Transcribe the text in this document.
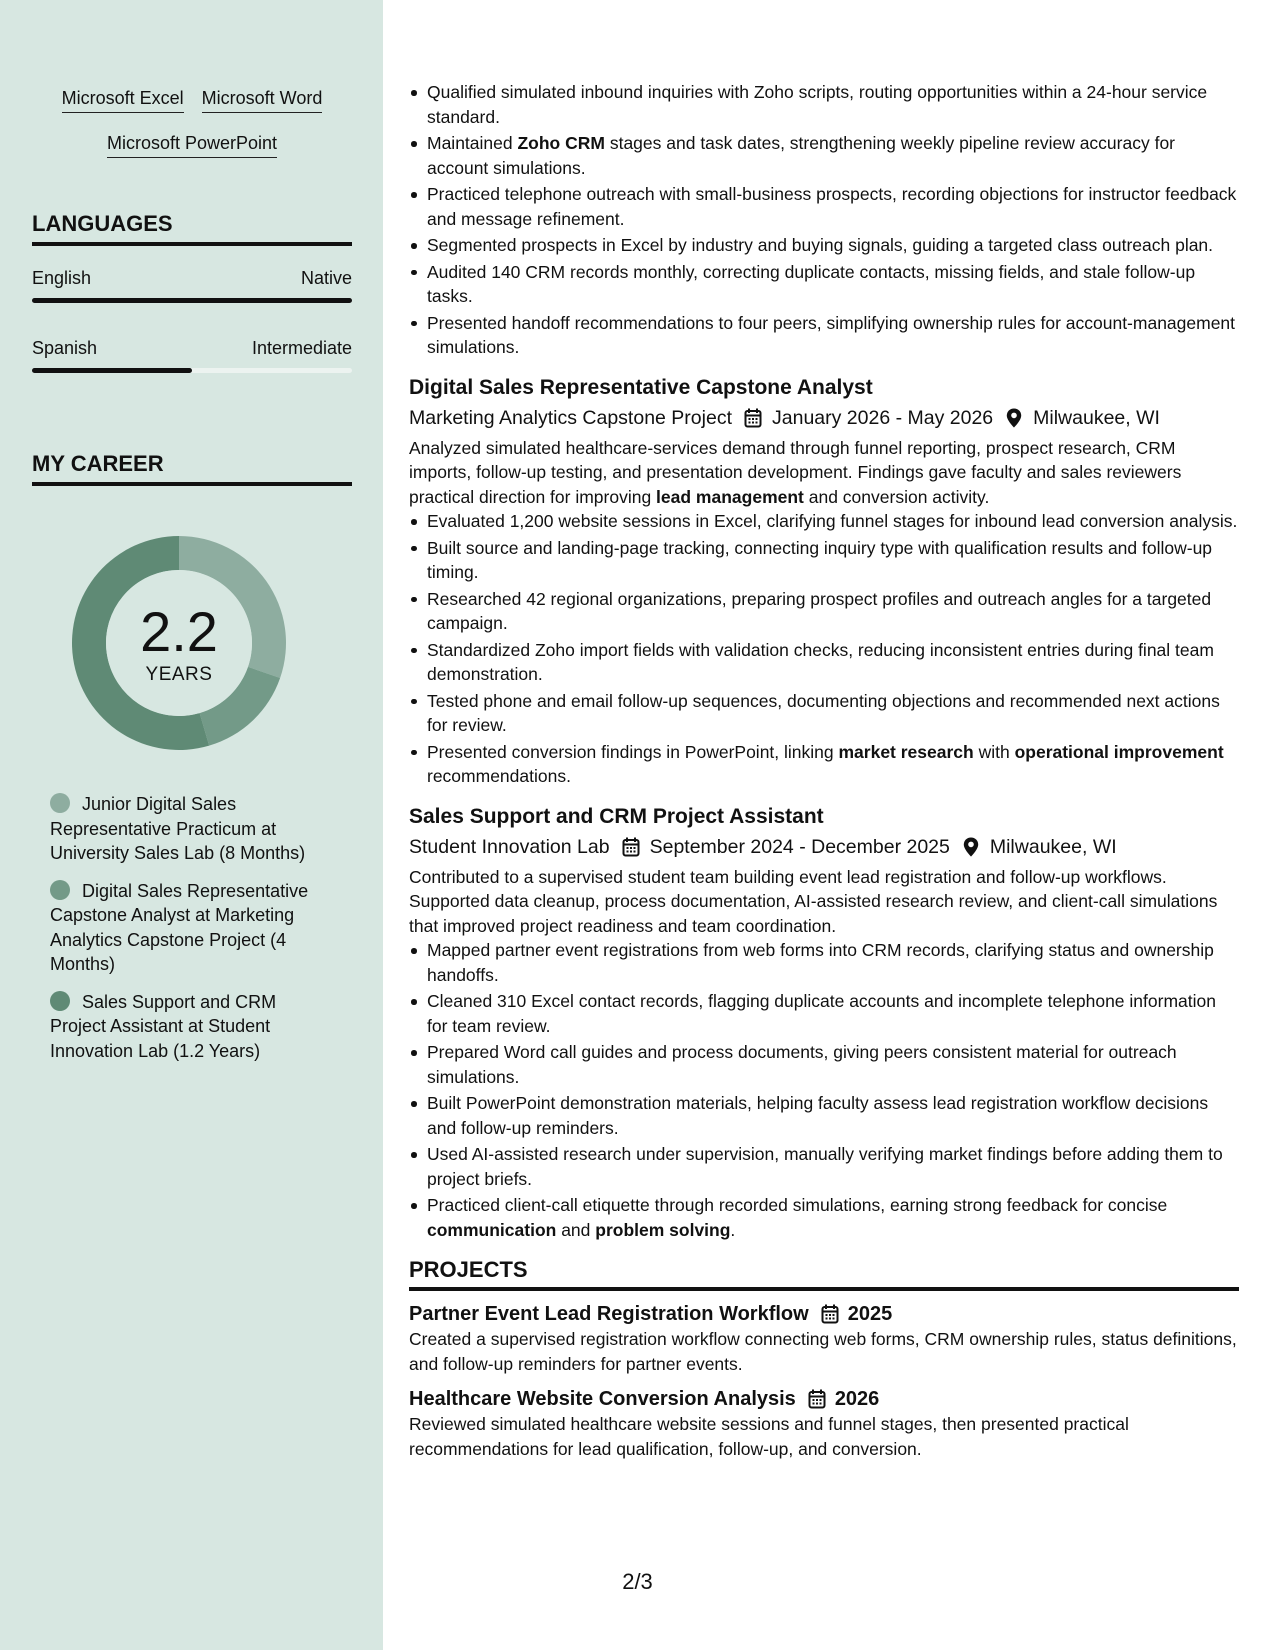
Microsoft Excel Microsoft Word
Microsoft PowerPoint
LANGUAGES
English	Native
Spanish	Intermediate
MY CAREER
2.2
YEARS
Junior Digital Sales Representative Practicum at University Sales Lab (8 Months)
Digital Sales Representative Capstone Analyst at Marketing Analytics Capstone Project (4 Months)
Sales Support and CRM Project Assistant at Student Innovation Lab (1.2 Years)
Qualified simulated inbound inquiries with Zoho scripts, routing opportunities within a 24-hour service standard.
Maintained Zoho CRM stages and task dates, strengthening weekly pipeline review accuracy for account simulations.
Practiced telephone outreach with small-business prospects, recording objections for instructor feedback and message refinement.
Segmented prospects in Excel by industry and buying signals, guiding a targeted class outreach plan.
Audited 140 CRM records monthly, correcting duplicate contacts, missing fields, and stale follow-up tasks.
Presented handoff recommendations to four peers, simplifying ownership rules for account-management simulations.
Digital Sales Representative Capstone Analyst
Marketing Analytics Capstone Project January 2026 - May 2026 Milwaukee, WI
Analyzed simulated healthcare-services demand through funnel reporting, prospect research, CRM imports, follow-up testing, and presentation development. Findings gave faculty and sales reviewers practical direction for improving lead management and conversion activity.
Evaluated 1,200 website sessions in Excel, clarifying funnel stages for inbound lead conversion analysis.
Built source and landing-page tracking, connecting inquiry type with qualification results and follow-up timing.
Researched 42 regional organizations, preparing prospect profiles and outreach angles for a targeted campaign.
Standardized Zoho import fields with validation checks, reducing inconsistent entries during final team demonstration.
Tested phone and email follow-up sequences, documenting objections and recommended next actions for review.
Presented conversion findings in PowerPoint, linking market research with operational improvement recommendations.
Sales Support and CRM Project Assistant
Student Innovation Lab September 2024 - December 2025 Milwaukee, WI
Contributed to a supervised student team building event lead registration and follow-up workflows. Supported data cleanup, process documentation, AI-assisted research review, and client-call simulations that improved project readiness and team coordination.
Mapped partner event registrations from web forms into CRM records, clarifying status and ownership handoffs.
Cleaned 310 Excel contact records, flagging duplicate accounts and incomplete telephone information for team review.
Prepared Word call guides and process documents, giving peers consistent material for outreach simulations.
Built PowerPoint demonstration materials, helping faculty assess lead registration workflow decisions and follow-up reminders.
Used AI-assisted research under supervision, manually verifying market findings before adding them to project briefs.
Practiced client-call etiquette through recorded simulations, earning strong feedback for concise communication and problem solving.
PROJECTS
Partner Event Lead Registration Workflow 2025
Created a supervised registration workflow connecting web forms, CRM ownership rules, status definitions, and follow-up reminders for partner events.
Healthcare Website Conversion Analysis 2026
Reviewed simulated healthcare website sessions and funnel stages, then presented practical recommendations for lead qualification, follow-up, and conversion.
2/3
